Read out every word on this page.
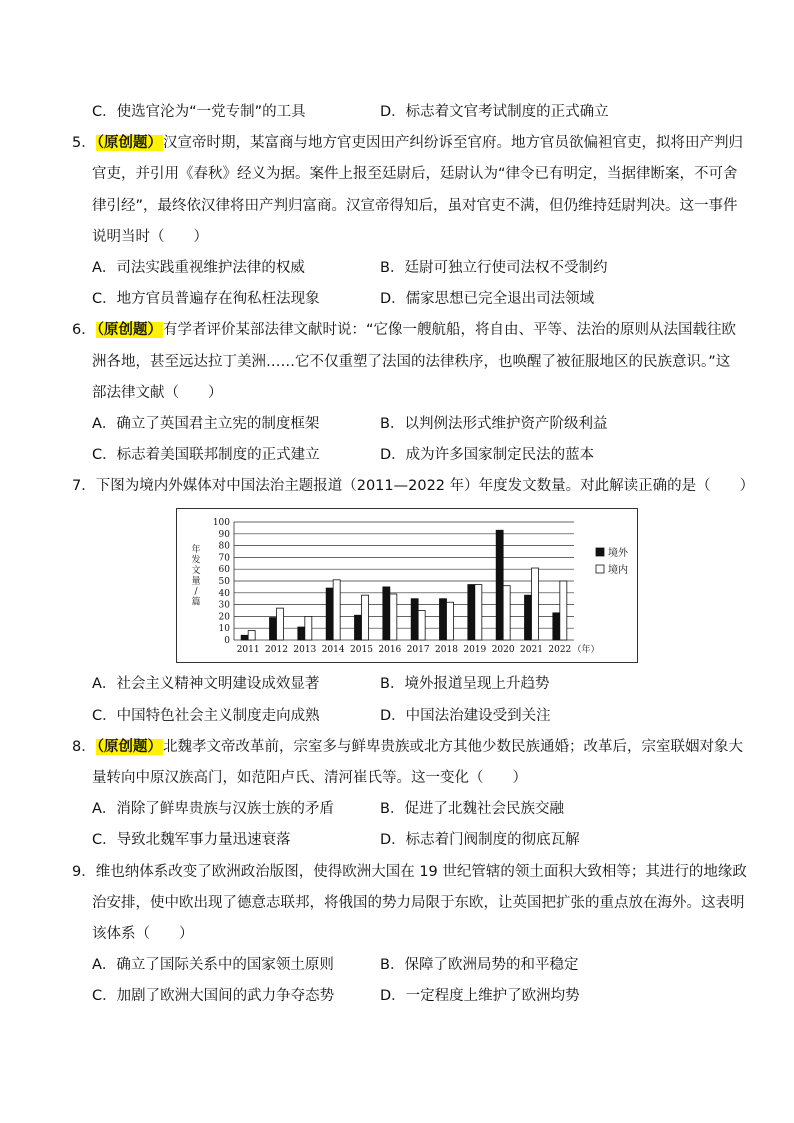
C．使选官沦为“一党专制”的工具	D．标志着文官考试制度的正式确立
5．（原创题）汉宣帝时期，某富商与地方官吏因田产纠纷诉至官府。地方官员欲偏袒官吏，拟将田产判归
官吏，并引用《春秋》经义为据。案件上报至廷尉后，廷尉认为“律令已有明定，当据律断案，不可舍
律引经”，最终依汉律将田产判归富商。汉宣帝得知后，虽对官吏不满，但仍维持廷尉判决。这一事件
说明当时（　　）
A．司法实践重视维护法律的权威	B．廷尉可独立行使司法权不受制约
C．地方官员普遍存在徇私枉法现象	D．儒家思想已完全退出司法领域
6．（原创题）有学者评价某部法律文献时说：“它像一艘航船，将自由、平等、法治的原则从法国载往欧
洲各地，甚至远达拉丁美洲……它不仅重塑了法国的法律秩序，也唤醒了被征服地区的民族意识。”这
部法律文献（　　）
A．确立了英国君主立宪的制度框架	B．以判例法形式维护资产阶级利益
C．标志着美国联邦制度的正式建立	D．成为许多国家制定民法的蓝本
7．下图为境内外媒体对中国法治主题报道（2011—2022 年）年度发文数量。对此解读正确的是（　　）
0
10
20
30
40
50
60
70
80
90
100
年
发
文
量
/
篇
2011 2012 2013 2014 2015 2016 2017 2018 2019 2020 2021 2022 （年）
境外
境内
A．社会主义精神文明建设成效显著	B．境外报道呈现上升趋势
C．中国特色社会主义制度走向成熟	D．中国法治建设受到关注
8．（原创题）北魏孝文帝改革前，宗室多与鲜卑贵族或北方其他少数民族通婚；改革后，宗室联姻对象大
量转向中原汉族高门，如范阳卢氏、清河崔氏等。这一变化（　　）
A．消除了鲜卑贵族与汉族士族的矛盾	B．促进了北魏社会民族交融
C．导致北魏军事力量迅速衰落	D．标志着门阀制度的彻底瓦解
9．维也纳体系改变了欧洲政治版图，使得欧洲大国在 19 世纪管辖的领土面积大致相等；其进行的地缘政
治安排，使中欧出现了德意志联邦，将俄国的势力局限于东欧，让英国把扩张的重点放在海外。这表明
该体系（　　）
A．确立了国际关系中的国家领土原则	B．保障了欧洲局势的和平稳定
C．加剧了欧洲大国间的武力争夺态势	D．一定程度上维护了欧洲均势
